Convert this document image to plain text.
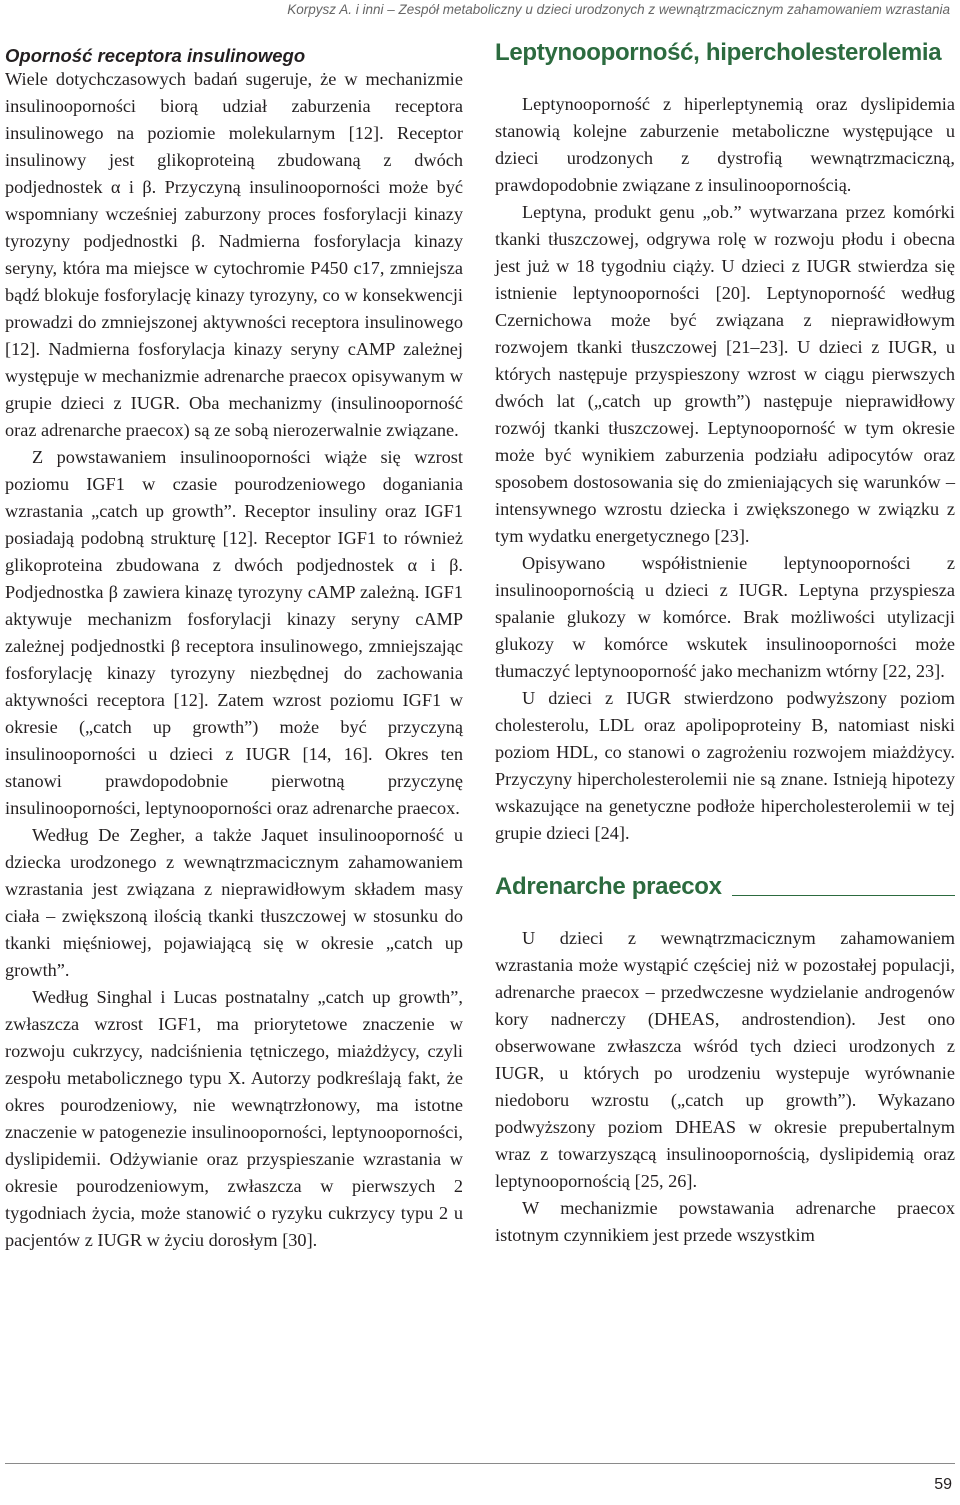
Korpysz A. i inni – Zespół metaboliczny u dzieci urodzonych z wewnątrzmacicznym zahamowaniem wzrastania
Oporność receptora insulinowego

Wiele dotychczasowych badań sugeruje, że w mechanizmie insulinooporności biorą udział zaburzenia receptora insulinowego na poziomie molekularnym [12]. Receptor insulinowy jest glikoproteiną zbudowaną z dwóch podjednostek α i β. Przyczyną insulinooporności może być wspomniany wcześniej zaburzony proces fosforylacji kinazy tyrozyny podjednostki β. Nadmierna fosforylacja kinazy seryny, która ma miejsce w cytochromie P450 c17, zmniejsza bądź blokuje fosforylację kinazy tyrozyny, co w konsekwencji prowadzi do zmniejszonej aktywności receptora insulinowego [12]. Nadmierna fosforylacja kinazy seryny cAMP zależnej występuje w mechanizmie adrenarche praecox opisywanym w grupie dzieci z IUGR. Oba mechanizmy (insulinooporność oraz adrenarche praecox) są ze sobą nierozerwalnie związane.

Z powstawaniem insulinooporności wiąże się wzrost poziomu IGF1 w czasie pourodzeniowego doganiania wzrastania „catch up growth”. Receptor insuliny oraz IGF1 posiadają podobną strukturę [12]. Receptor IGF1 to również glikoproteina zbudowana z dwóch podjednostek α i β. Podjednostka β zawiera kinazę tyrozyny cAMP zależną. IGF1 aktywuje mechanizm fosforylacji kinazy seryny cAMP zależnej podjednostki β receptora insulinowego, zmniejszając fosforylację kinazy tyrozyny niezbędnej do zachowania aktywności receptora [12]. Zatem wzrost poziomu IGF1 w okresie („catch up growth”) może być przyczyną insulinooporności u dzieci z IUGR [14, 16]. Okres ten stanowi prawdopodobnie pierwotną przyczynę insulinooporności, leptynooporności oraz adrenarche praecox.

Według De Zegher, a także Jaquet insulinooporność u dziecka urodzonego z wewnątrzmacicznym zahamowaniem wzrastania jest związana z nieprawidłowym składem masy ciała – zwiększoną ilością tkanki tłuszczowej w stosunku do tkanki mięśniowej, pojawiającą się w okresie „catch up growth”.

Według Singhal i Lucas postnatalny „catch up growth”, zwłaszcza wzrost IGF1, ma priorytetowe znaczenie w rozwoju cukrzycy, nadciśnienia tętniczego, miażdżycy, czyli zespołu metabolicznego typu X. Autorzy podkreślają fakt, że okres pourodzeniowy, nie wewnątrzłonowy, ma istotne znaczenie w patogenezie insulinooporności, leptynooporności, dyslipidemii. Odżywianie oraz przyspieszanie wzrastania w okresie pourodzeniowym, zwłaszcza w pierwszych 2 tygodniach życia, może stanowić o ryzyku cukrzycy typu 2 u pacjentów z IUGR w życiu dorosłym [30].

Leptynooporność, hipercholesterolemia

Leptynooporność z hiperleptynemią oraz dyslipidemia stanowią kolejne zaburzenie metaboliczne występujące u dzieci urodzonych z dystrofią wewnątrzmaciczną, prawdopodobnie związane z insulinoopornością.

Leptyna, produkt genu „ob.” wytwarzana przez komórki tkanki tłuszczowej, odgrywa rolę w rozwoju płodu i obecna jest już w 18 tygodniu ciąży. U dzieci z IUGR stwierdza się istnienie leptynooporności [20]. Leptynoporność według Czernichowa może być związana z nieprawidłowym rozwojem tkanki tłuszczowej [21–23]. U dzieci z IUGR, u których następuje przyspieszony wzrost w ciągu pierwszych dwóch lat („catch up growth”) następuje nieprawidłowy rozwój tkanki tłuszczowej. Leptynooporność w tym okresie może być wynikiem zaburzenia podziału adipocytów oraz sposobem dostosowania się do zmieniających się warunków – intensywnego wzrostu dziecka i zwiększonego w związku z tym wydatku energetycznego [23].

Opisywano współistnienie leptynooporności z insulinoopornością u dzieci z IUGR. Leptyna przyspiesza spalanie glukozy w komórce. Brak możliwości utylizacji glukozy w komórce wskutek insulinooporności może tłumaczyć leptynooporność jako mechanizm wtórny [22, 23].

U dzieci z IUGR stwierdzono podwyższony poziom cholesterolu, LDL oraz apolipoproteiny B, natomiast niski poziom HDL, co stanowi o zagrożeniu rozwojem miażdżycy. Przyczyny hipercholesterolemii nie są znane. Istnieją hipotezy wskazujące na genetyczne podłoże hipercholesterolemii w tej grupie dzieci [24].

Adrenarche praecox

U dzieci z wewnątrzmacicznym zahamowaniem wzrastania może wystąpić częściej niż w pozostałej populacji, adrenarche praecox – przedwczesne wydzielanie androgenów kory nadnerczy (DHEAS, androstendion). Jest ono obserwowane zwłaszcza wśród tych dzieci urodzonych z IUGR, u których po urodzeniu wystepuje wyrównanie niedoboru wzrostu („catch up growth”). Wykazano podwyższony poziom DHEAS w okresie prepubertalnym wraz z towarzyszącą insulinoopornością, dyslipidemią oraz leptynoopornością [25, 26].

W mechanizmie powstawania adrenarche praecox istotnym czynnikiem jest przede wszystkim

59
